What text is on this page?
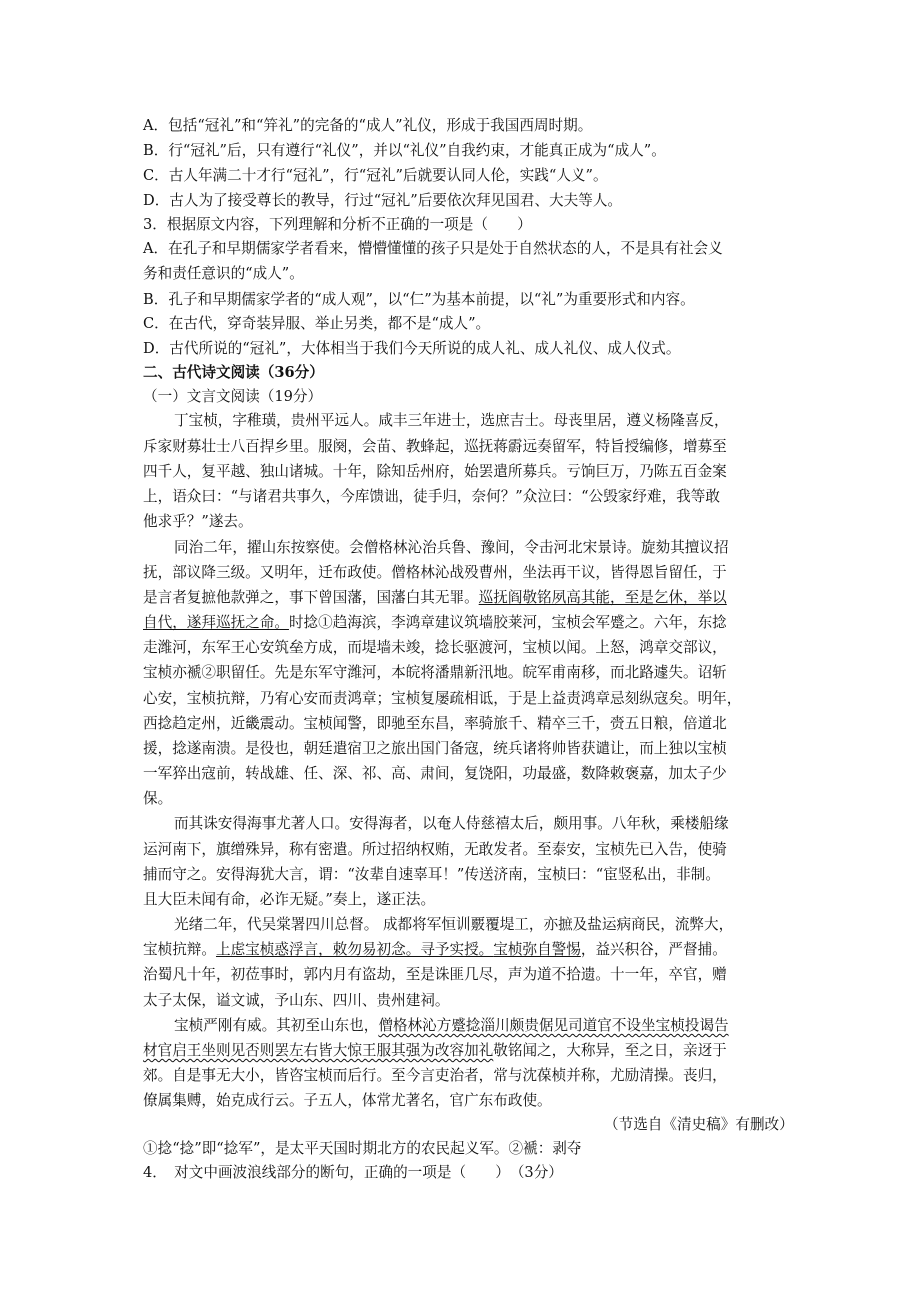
A．包括“冠礼”和“笄礼”的完备的“成人”礼仪，形成于我国西周时期。
B．行“冠礼”后，只有遵行“礼仪”，并以“礼仪”自我约束，才能真正成为“成人”。
C．古人年满二十才行“冠礼”，行“冠礼”后就要认同人伦，实践“人义”。
D．古人为了接受尊长的教导，行过“冠礼”后要依次拜见国君、大夫等人。
3．根据原文内容，下列理解和分析不正确的一项是（　　）
A．在孔子和早期儒家学者看来，懵懵懂懂的孩子只是处于自然状态的人，不是具有社会义
务和责任意识的“成人”。
B．孔子和早期儒家学者的“成人观”，以“仁”为基本前提，以“礼”为重要形式和内容。
C．在古代，穿奇装异服、举止另类，都不是“成人”。
D．古代所说的“冠礼”，大体相当于我们今天所说的成人礼、成人礼仪、成人仪式。
二、古代诗文阅读（36分）
（一）文言文阅读（19分）
丁宝桢，字稚璜，贵州平远人。咸丰三年进士，选庶吉士。母丧里居，遵义杨隆喜反，
斥家财募壮士八百捍乡里。服阕，会苗、教蜂起，巡抚蒋霨远奏留军，特旨授编修，增募至
四千人，复平越、独山诸城。十年，除知岳州府，始罢遣所募兵。亏饷巨万，乃陈五百金案
上，语众曰：“与诸君共事久，今库馈诎，徒手归，奈何？”众泣曰：“公毁家纾难，我等敢
他求乎？”遂去。
同治二年，擢山东按察使。会僧格林沁治兵鲁、豫间，令击河北宋景诗。旋劾其擅议招
抚，部议降三级。又明年，迁布政使。僧格林沁战殁曹州，坐法再干议，皆得恩旨留任，于
是言者复摭他款弹之，事下曾国藩，国藩白其无罪。巡抚阎敬铭夙高其能，至是乞休，举以
自代，遂拜巡抚之命。时捻①趋海滨，李鸿章建议筑墙胶莱河，宝桢会军蹙之。六年，东捻
走潍河，东军王心安筑垒方成，而堤墙未竣，捻长驱渡河，宝桢以闻。上怒，鸿章交部议，
宝桢亦褫②职留任。先是东军守潍河，本皖将潘鼎新汛地。皖军甫南移，而北路遽失。诏斩
心安，宝桢抗辩，乃宥心安而责鸿章；宝桢复屡疏相诋，于是上益责鸿章忌刻纵寇矣。明年，
西捻趋定州，近畿震动。宝桢闻警，即驰至东昌，率骑旅千、精卒三千，赍五日粮，倍道北
援，捻遂南溃。是役也，朝廷遣宿卫之旅出国门备寇，统兵诸将帅皆获谴让，而上独以宝桢
一军猝出寇前，转战雄、任、深、祁、高、肃间，复饶阳，功最盛，数降敕褒嘉，加太子少
保。
而其诛安得海事尤著人口。安得海者，以奄人侍慈禧太后，颇用事。八年秋，乘楼船缘
运河南下，旗缯殊异，称有密遣。所过招纳权贿，无敢发者。至泰安，宝桢先已入告，使骑
捕而守之。安得海犹大言，谓：“汝辈自速辜耳！”传送济南，宝桢曰：“宦竖私出，非制。
且大臣未闻有命，必诈无疑。”奏上，遂正法。
光绪二年，代吴棠署四川总督。 成都将军恒训覈覆堤工，亦摭及盐运病商民，流弊大，
宝桢抗辩。上虑宝桢惑浮言，敕勿易初念。寻予实授。宝桢弥自警惕，益兴积谷，严督捕。
治蜀凡十年，初莅事时，郭内月有盗劫，至是诛匪几尽，声为道不拾遗。十一年，卒官，赠
太子太保，谥文诚，予山东、四川、贵州建祠。
宝桢严刚有威。其初至山东也，僧格林沁方蹙捻淄川颇贵倨见司道官不设坐宝桢投谒告
材官启王坐则见否则罢左右皆大惊王服其强为改容加礼敬铭闻之，大称异，至之日，亲迓于
郊。自是事无大小，皆咨宝桢而后行。至今言吏治者，常与沈葆桢并称，尤励清操。丧归，
僚属集赙，始克成行云。子五人，体常尤著名，官广东布政使。
（节选自《清史稿》有删改）
①捻“捻”即“捻军”，是太平天国时期北方的农民起义军。②褫：剥夺
4．　对文中画波浪线部分的断句，正确的一项是（　　）　（3分）
